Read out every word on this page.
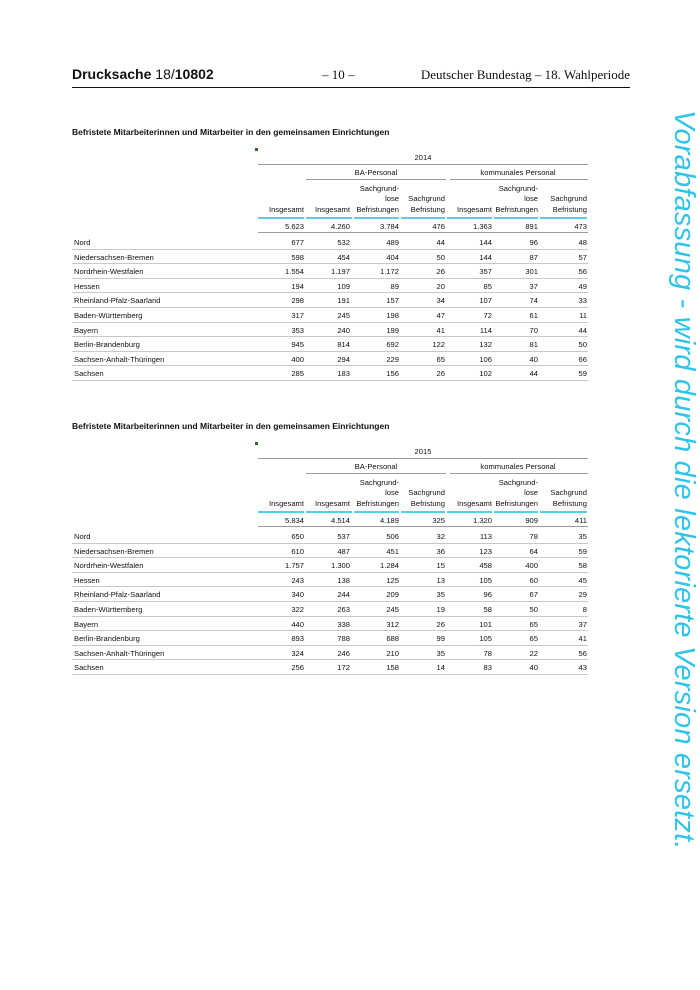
Drucksache 18/10802	– 10 –	Deutscher Bundestag – 18. Wahlperiode
Befristete Mitarbeiterinnen und Mitarbeiter in den gemeinsamen Einrichtungen
2014
BA-Personal	kommunales Personal
Insgesamt	Insgesamt
Sachgrund-
lose
Befristungen
Sachgrund
Befristung	Insgesamt
Sachgrund-
lose
Befristungen
Sachgrund
Befristung
5.623	4.260	3.784	476	1.363	891	473
Nord	677	532	489	44	144	96	48
Niedersachsen-Bremen	598	454	404	50	144	87	57
Nordrhein-Westfalen	1.554	1.197	1.172	26	357	301	56
Hessen	194	109	89	20	85	37	49
Rheinland-Pfalz-Saarland	298	191	157	34	107	74	33
Baden-Württemberg	317	245	198	47	72	61	11
Bayern	353	240	199	41	114	70	44
Berlin-Brandenburg	945	814	692	122	132	81	50
Sachsen-Anhalt-Thüringen	400	294	229	65	106	40	66
Sachsen	285	183	156	26	102	44	59
Befristete Mitarbeiterinnen und Mitarbeiter in den gemeinsamen Einrichtungen
2015
BA-Personal	kommunales Personal
Insgesamt	Insgesamt
Sachgrund-
lose
Befristungen
Sachgrund
Befristung	Insgesamt
Sachgrund-
lose
Befristungen
Sachgrund
Befristung
5.834	4.514	4.189	325	1.320	909	411
Nord	650	537	506	32	113	78	35
Niedersachsen-Bremen	610	487	451	36	123	64	59
Nordrhein-Westfalen	1.757	1.300	1.284	15	458	400	58
Hessen	243	138	125	13	105	60	45
Rheinland-Pfalz-Saarland	340	244	209	35	96	67	29
Baden-Württemberg	322	263	245	19	58	50	8
Bayern	440	338	312	26	101	65	37
Berlin-Brandenburg	893	788	688	99	105	65	41
Sachsen-Anhalt-Thüringen	324	246	210	35	78	22	56
Sachsen	256	172	158	14	83	40	43	Vorabfassung - wird durch die lektorierte Version ersetzt.
